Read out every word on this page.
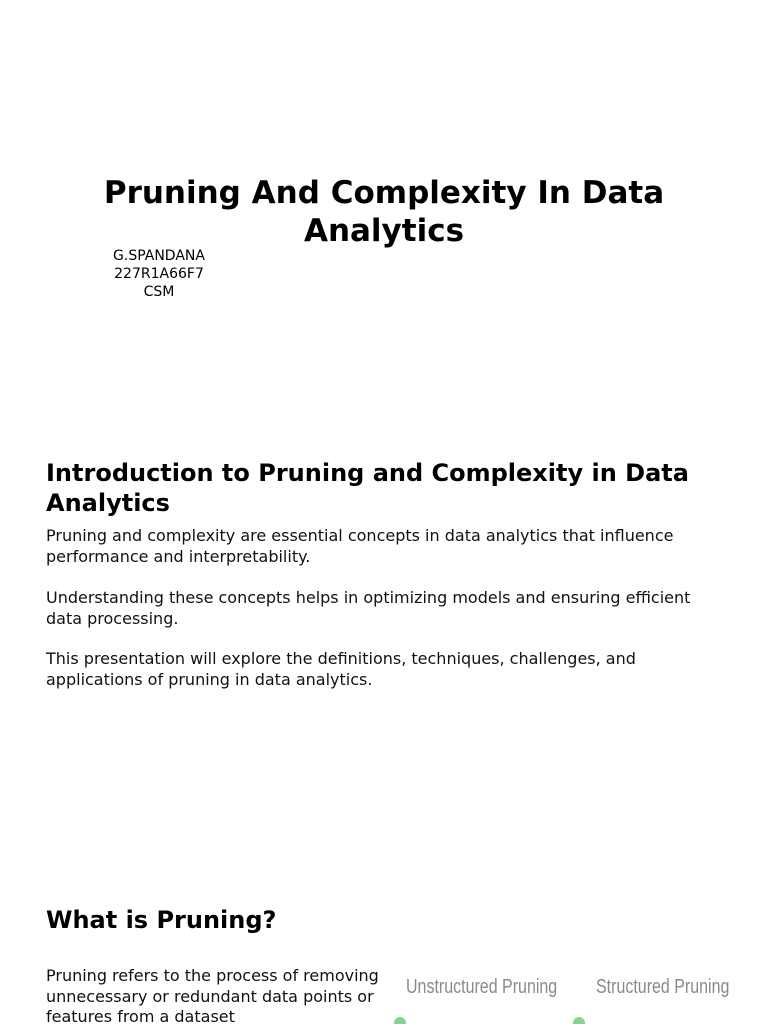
Pruning And Complexity In Data Analytics
G.SPANDANA
227R1A66F7
CSM
Introduction to Pruning and Complexity in Data Analytics

Pruning and complexity are essential concepts in data analytics that influence performance and interpretability.

Understanding these concepts helps in optimizing models and ensuring efficient data processing.

This presentation will explore the definitions, techniques, challenges, and applications of pruning in data analytics.

What is Pruning?

Pruning refers to the process of removing unnecessary or redundant data points or features from a dataset

Unstructured Pruning Structured Pruning
